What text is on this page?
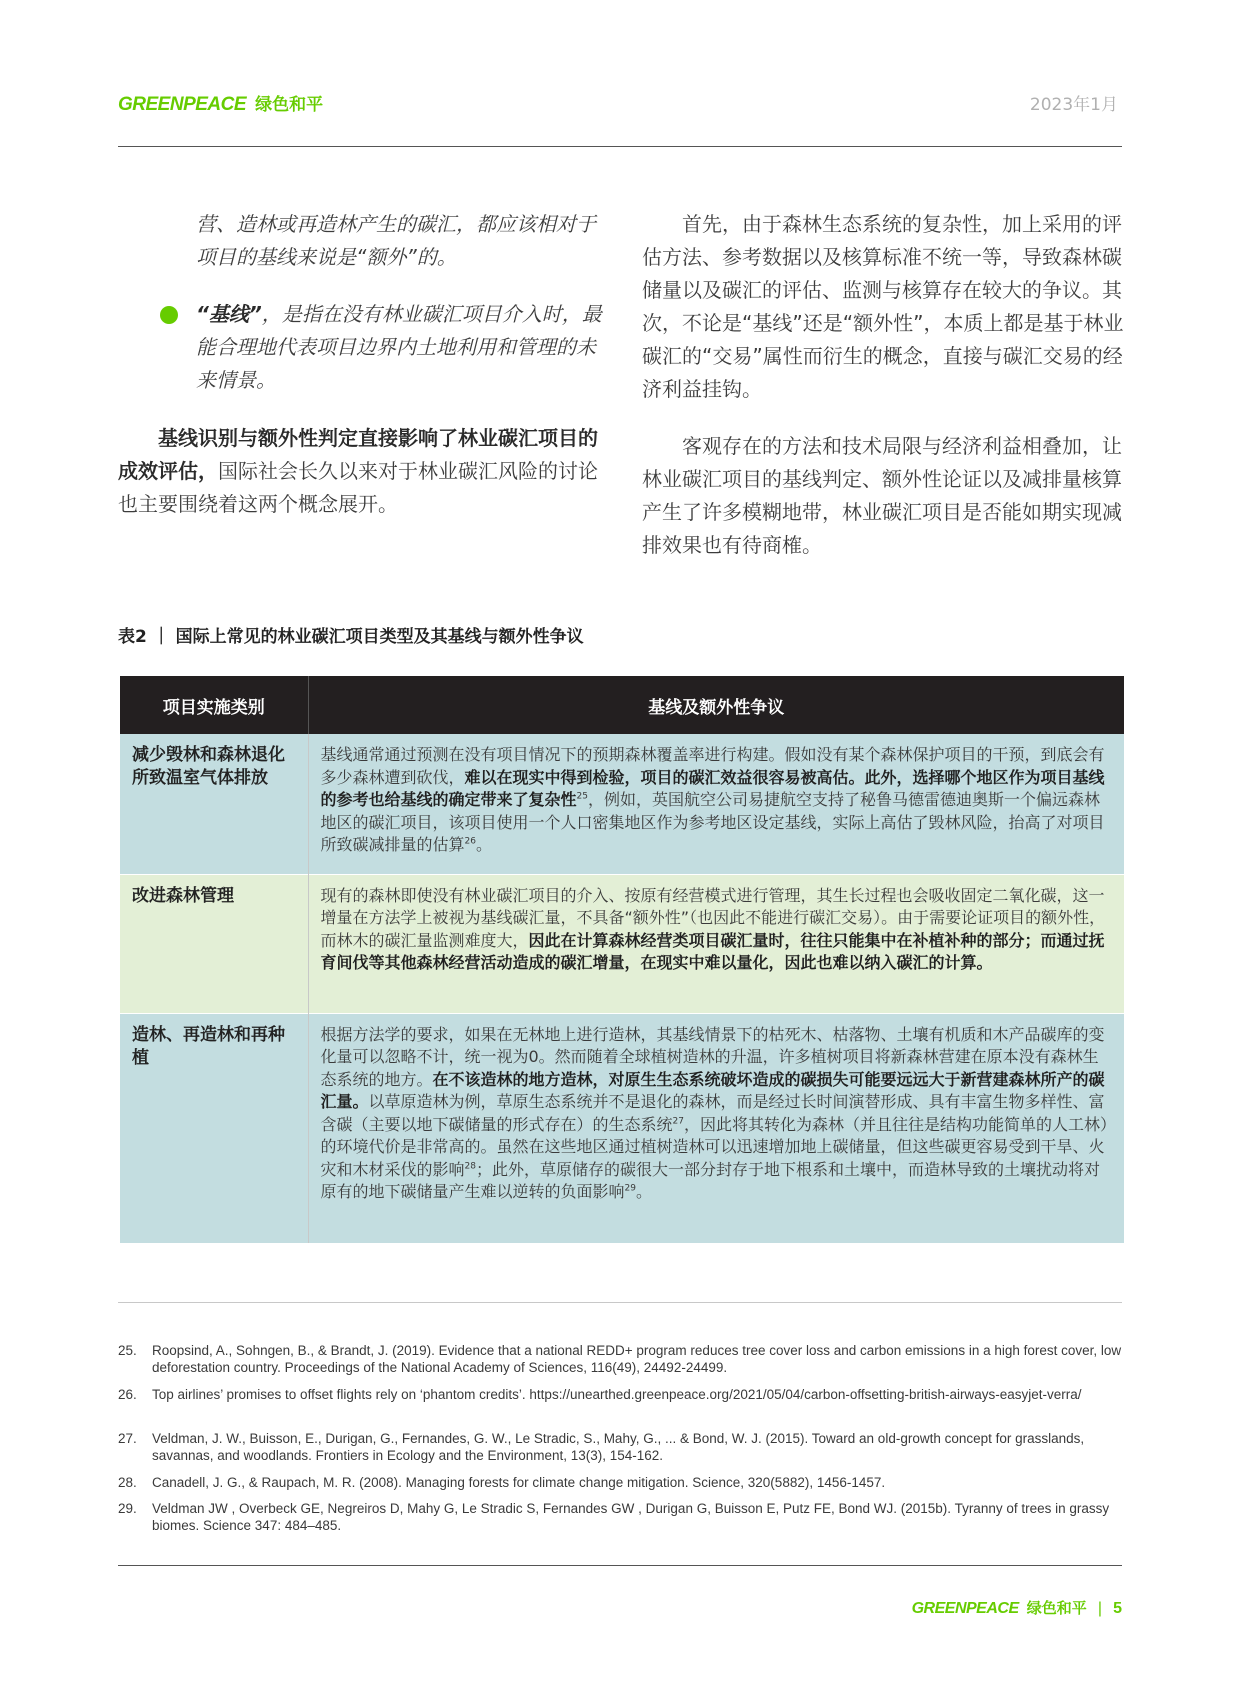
GREENPEACE 绿色和平	2023年1月
营、造林或再造林产生的碳汇，都应该相对于项目的基线来说是“额外”的。
“基线”，是指在没有林业碳汇项目介入时，最能合理地代表项目边界内土地利用和管理的未来情景。
基线识别与额外性判定直接影响了林业碳汇项目的成效评估，国际社会长久以来对于林业碳汇风险的讨论也主要围绕着这两个概念展开。
首先，由于森林生态系统的复杂性，加上采用的评估方法、参考数据以及核算标准不统一等，导致森林碳储量以及碳汇的评估、监测与核算存在较大的争议。其次，不论是“基线”还是“额外性”，本质上都是基于林业碳汇的“交易”属性而衍生的概念，直接与碳汇交易的经济利益挂钩。
客观存在的方法和技术局限与经济利益相叠加，让林业碳汇项目的基线判定、额外性论证以及减排量核算产生了许多模糊地带，林业碳汇项目是否能如期实现减排效果也有待商榷。
表2 ｜ 国际上常见的林业碳汇项目类型及其基线与额外性争议
项目实施类别	基线及额外性争议
减少毁林和森林退化所致温室气体排放	基线通常通过预测在没有项目情况下的预期森林覆盖率进行构建。假如没有某个森林保护项目的干预，到底会有多少森林遭到砍伐，难以在现实中得到检验，项目的碳汇效益很容易被高估。此外，选择哪个地区作为项目基线的参考也给基线的确定带来了复杂性$^{25}$，例如，英国航空公司易捷航空支持了秘鲁马德雷德迪奥斯一个偏远森林地区的碳汇项目，该项目使用一个人口密集地区作为参考地区设定基线，实际上高估了毁林风险，抬高了对项目所致碳减排量的估算$^{26}$。
改进森林管理	现有的森林即使没有林业碳汇项目的介入、按原有经营模式进行管理，其生长过程也会吸收固定二氧化碳，这一增量在方法学上被视为基线碳汇量，不具备“额外性”（也因此不能进行碳汇交易）。由于需要论证项目的额外性，而林木的碳汇量监测难度大，因此在计算森林经营类项目碳汇量时，往往只能集中在补植补种的部分；而通过抚育间伐等其他森林经营活动造成的碳汇增量，在现实中难以量化，因此也难以纳入碳汇的计算。
造林、再造林和再种植	根据方法学的要求，如果在无林地上进行造林，其基线情景下的枯死木、枯落物、土壤有机质和木产品碳库的变化量可以忽略不计，统一视为0。然而随着全球植树造林的升温，许多植树项目将新森林营建在原本没有森林生态系统的地方。在不该造林的地方造林，对原生生态系统破坏造成的碳损失可能要远远大于新营建森林所产的碳汇量。以草原造林为例，草原生态系统并不是退化的森林，而是经过长时间演替形成、具有丰富生物多样性、富含碳（主要以地下碳储量的形式存在）的生态系统$^{27}$，因此将其转化为森林（并且往往是结构功能简单的人工林）的环境代价是非常高的。虽然在这些地区通过植树造林可以迅速增加地上碳储量，但这些碳更容易受到干旱、火灾和木材采伐的影响$^{28}$；此外，草原储存的碳很大一部分封存于地下根系和土壤中，而造林导致的土壤扰动将对原有的地下碳储量产生难以逆转的负面影响$^{29}$。
25.	Roopsind, A., Sohngen, B., & Brandt, J. (2019). Evidence that a national REDD+ program reduces tree cover loss and carbon emissions in a high forest cover, low deforestation country. Proceedings of the National Academy of Sciences, 116(49), 24492-24499.
26.	Top airlines’ promises to offset flights rely on ‘phantom credits’. https://unearthed.greenpeace.org/2021/05/04/carbon-offsetting-british-airways-easyjet-verra/
27.	Veldman, J. W., Buisson, E., Durigan, G., Fernandes, G. W., Le Stradic, S., Mahy, G., ... & Bond, W. J. (2015). Toward an old-growth concept for grasslands, savannas, and woodlands. Frontiers in Ecology and the Environment, 13(3), 154-162.
28.	Canadell, J. G., & Raupach, M. R. (2008). Managing forests for climate change mitigation. Science, 320(5882), 1456-1457.
29.	Veldman JW , Overbeck GE, Negreiros D, Mahy G, Le Stradic S, Fernandes GW , Durigan G, Buisson E, Putz FE, Bond WJ. (2015b). Tyranny of trees in grassy biomes. Science 347: 484–485.
GREENPEACE 绿色和平 | 5
